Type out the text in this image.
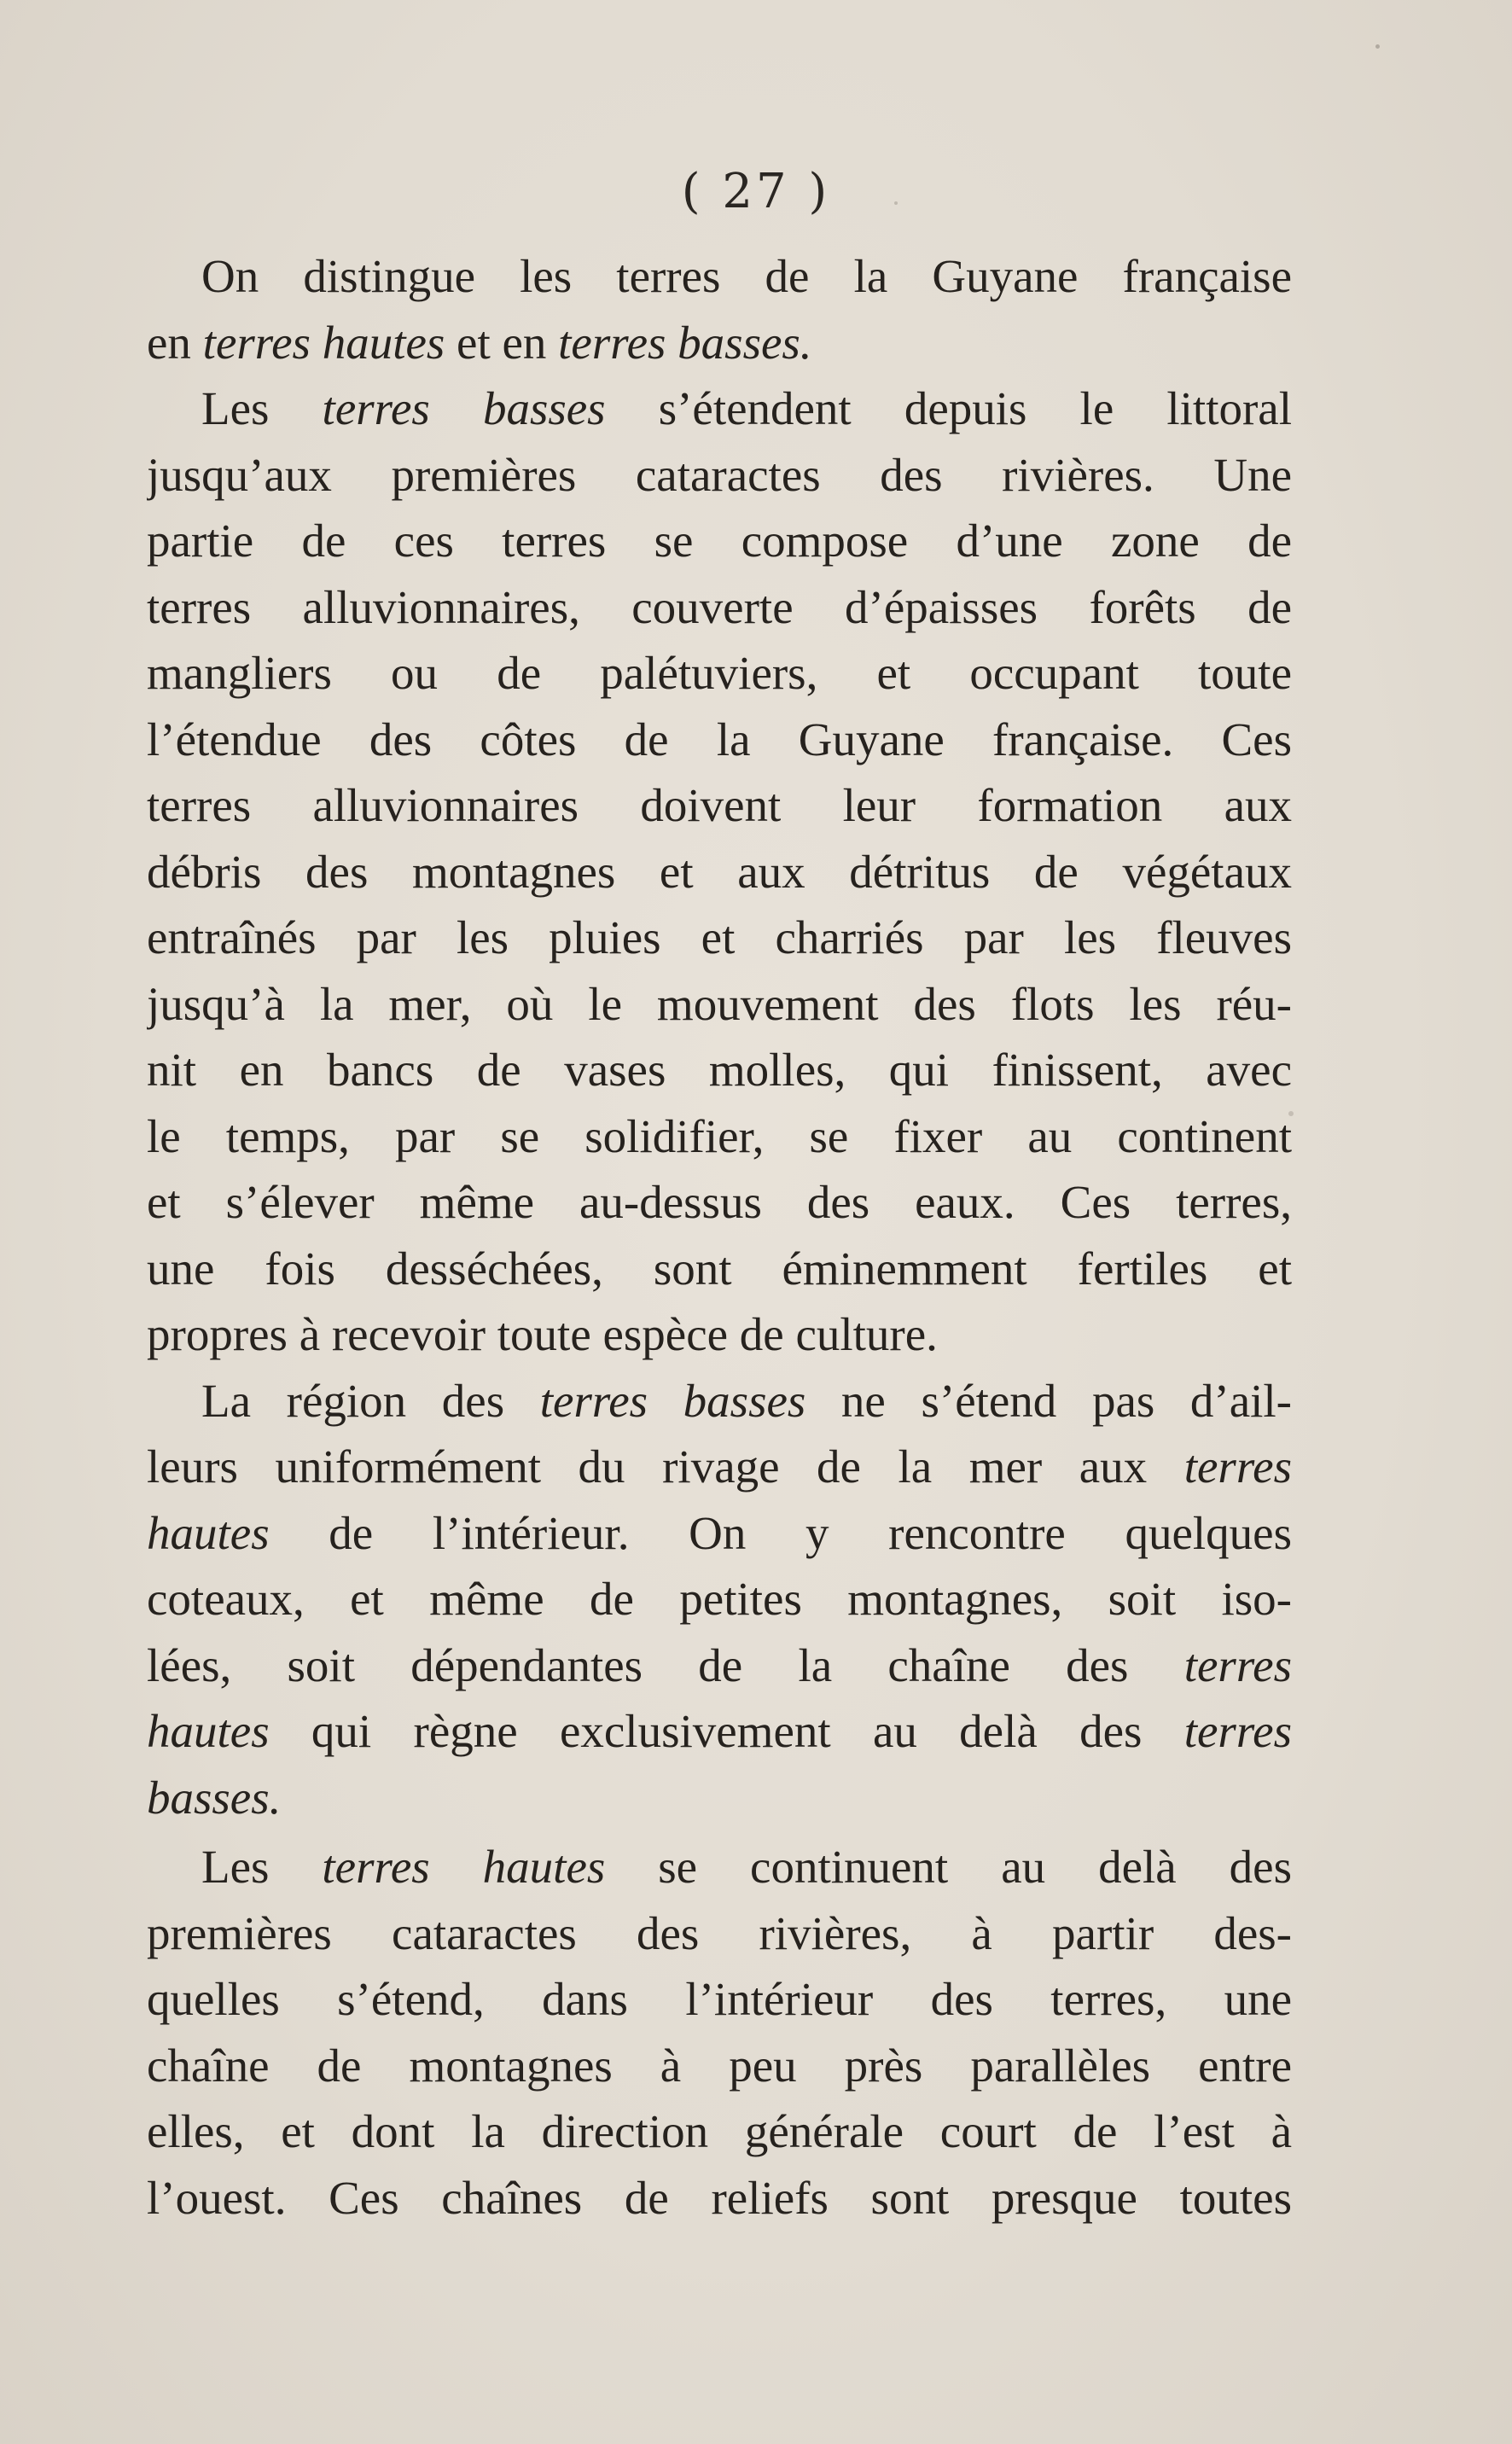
( 27 )
On distingue les terres de la Guyane française
en terres hautes et en terres basses.
Les terres basses s’étendent depuis le littoral
jusqu’aux premières cataractes des rivières. Une
partie de ces terres se compose d’une zone de
terres alluvionnaires, couverte d’épaisses forêts de
mangliers ou de palétuviers, et occupant toute
l’étendue des côtes de la Guyane française. Ces
terres alluvionnaires doivent leur formation aux
débris des montagnes et aux détritus de végétaux
entraînés par les pluies et charriés par les fleuves
jusqu’à la mer, où le mouvement des flots les réu-
nit en bancs de vases molles, qui finissent, avec
le temps, par se solidifier, se fixer au continent
et s’élever même au-dessus des eaux. Ces terres,
une fois desséchées, sont éminemment fertiles et
propres à recevoir toute espèce de culture.
La région des terres basses ne s’étend pas d’ail-
leurs uniformément du rivage de la mer aux terres
hautes de l’intérieur. On y rencontre quelques
coteaux, et même de petites montagnes, soit iso-
lées, soit dépendantes de la chaîne des terres
hautes qui règne exclusivement au delà des terres
basses.
Les terres hautes se continuent au delà des
premières cataractes des rivières, à partir des-
quelles s’étend, dans l’intérieur des terres, une
chaîne de montagnes à peu près parallèles entre
elles, et dont la direction générale court de l’est à
l’ouest. Ces chaînes de reliefs sont presque toutes
